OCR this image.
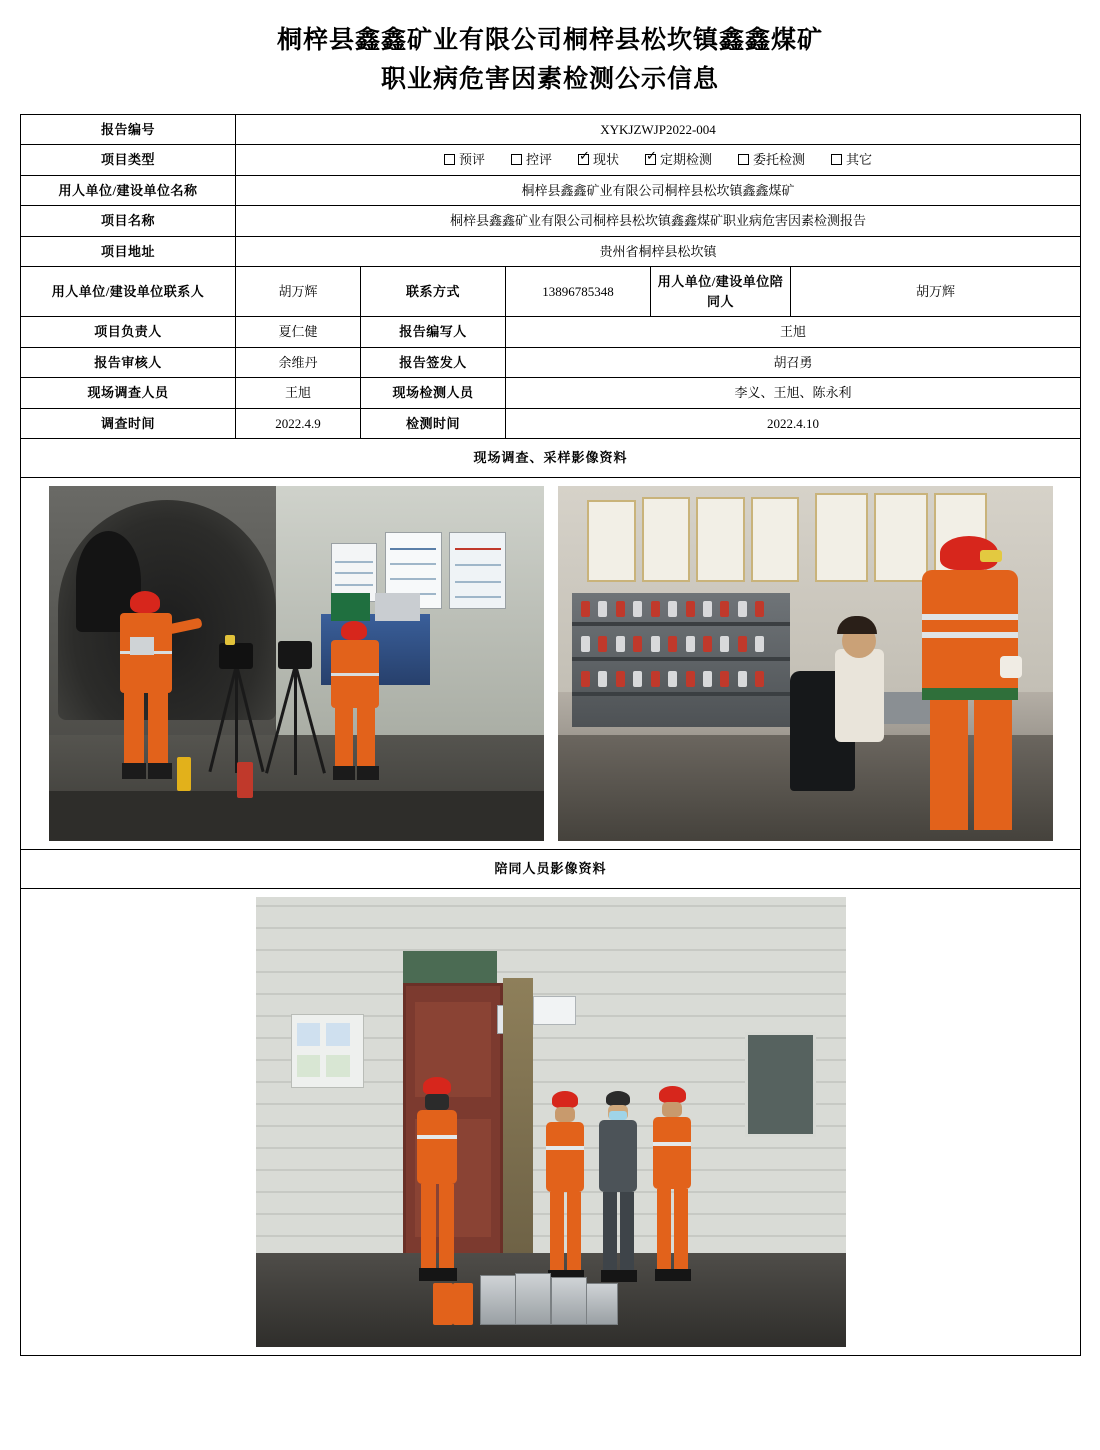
桐梓县鑫鑫矿业有限公司桐梓县松坎镇鑫鑫煤矿
职业病危害因素检测公示信息
报告编号	XYKJZWJP2022-004				
项目类型	预评	控评 ✓	现状 ✓	定期检测	委托检测	其它

用人单位/建设单位名称	桐梓县鑫鑫矿业有限公司桐梓县松坎镇鑫鑫煤矿				
项目名称	桐梓县鑫鑫矿业有限公司桐梓县松坎镇鑫鑫煤矿职业病危害因素检测报告				
项目地址	贵州省桐梓县松坎镇				
用人单位/建设单位联系人	胡万辉	联系方式	13896785348	用人单位/建设单位陪同人	胡万辉
项目负责人	夏仁健	报告编写人	王旭		
报告审核人	余维丹	报告签发人	胡召勇		
现场调查人员	王旭	现场检测人员	李义、王旭、陈永利		
调查时间	2022.4.9	检测时间	2022.4.10		
现场调查、采样影像资料					

陪同人员影像资料					
